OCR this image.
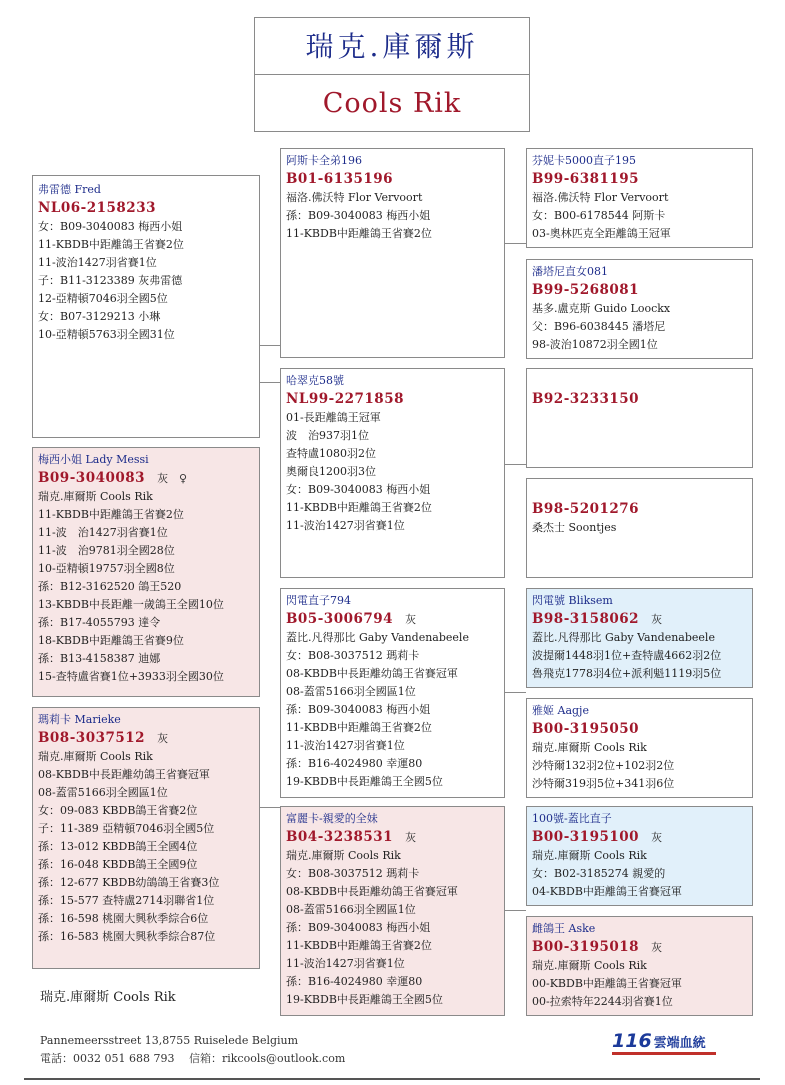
瑞克.庫爾斯
Cools Rik
弗雷德 Fred
NL06-2158233
女：B09-3040083 梅西小姐
11-KBDB中距離鴿王省賽2位
11-波治1427羽省賽1位
子：B11-3123389 灰弗雷德
12-亞精頓7046羽全國5位
女：B07-3129213 小琳
10-亞精頓5763羽全國31位
梅西小姐 Lady Messi
B09-3040083 灰　♀
瑞克.庫爾斯 Cools Rik
11-KBDB中距離鴿王省賽2位
11-波　治1427羽省賽1位
11-波　治9781羽全國28位
10-亞精頓19757羽全國8位
孫：B12-3162520 鴿王520
13-KBDB中長距離一歲鴿王全國10位
孫：B17-4055793 達令
18-KBDB中距離鴿王省賽9位
孫：B13-4158387 迪娜
15-查特盧省賽1位+3933羽全國30位
瑪莉卡 Marieke
B08-3037512 灰
瑞克.庫爾斯 Cools Rik
08-KBDB中長距離幼鴿王省賽冠軍
08-蓋雷5166羽全國區1位
女：09-083 KBDB鴿王省賽2位
子：11-389 亞精頓7046羽全國5位
孫：13-012 KBDB鴿王全國4位
孫：16-048 KBDB鴿王全國9位
孫：12-677 KBDB幼鴿鴿王省賽3位
孫：15-577 查特盧2714羽聯省1位
孫：16-598 桃園大興秋季綜合6位
孫：16-583 桃園大興秋季綜合87位
阿斯卡全弟196
B01-6135196
福洛.佛沃特 Flor Vervoort
孫：B09-3040083 梅西小姐
11-KBDB中距離鴿王省賽2位
哈翠克58號
NL99-2271858
01-長距離鴿王冠軍
波　治937羽1位
查特盧1080羽2位
奧爾良1200羽3位
女：B09-3040083 梅西小姐
11-KBDB中距離鴿王省賽2位
11-波治1427羽省賽1位
閃電直子794
B05-3006794 灰
蓋比.凡得那比 Gaby Vandenabeele
女：B08-3037512 瑪莉卡
08-KBDB中長距離幼鴿王省賽冠軍
08-蓋雷5166羽全國區1位
孫：B09-3040083 梅西小姐
11-KBDB中距離鴿王省賽2位
11-波治1427羽省賽1位
孫：B16-4024980 幸運80
19-KBDB中長距離鴿王全國5位
富麗卡-親愛的全妹
B04-3238531 灰
瑞克.庫爾斯 Cools Rik
女：B08-3037512 瑪莉卡
08-KBDB中長距離幼鴿王省賽冠軍
08-蓋雷5166羽全國區1位
孫：B09-3040083 梅西小姐
11-KBDB中距離鴿王省賽2位
11-波治1427羽省賽1位
孫：B16-4024980 幸運80
19-KBDB中長距離鴿王全國5位
芬妮卡5000直子195
B99-6381195
福洛.佛沃特 Flor Vervoort
女：B00-6178544 阿斯卡
03-奧林匹克全距離鴿王冠軍
潘塔尼直女081
B99-5268081
基多.盧克斯 Guido Loockx
父：B96-6038445 潘塔尼
98-波治10872羽全國1位
B92-3233150
B98-5201276
桑杰士 Soontjes
閃電號 Bliksem
B98-3158062 灰
蓋比.凡得那比 Gaby Vandenabeele
波提爾1448羽1位+查特盧4662羽2位
魯飛克1778羽4位+派利魁1119羽5位
雅姬 Aagje
B00-3195050
瑞克.庫爾斯 Cools Rik
沙特爾132羽2位+102羽2位
沙特爾319羽5位+341羽6位
100號-蓋比直子
B00-3195100 灰
瑞克.庫爾斯 Cools Rik
女：B02-3185274 親愛的
04-KBDB中距離鴿王省賽冠軍
雌鴿王 Aske
B00-3195018 灰
瑞克.庫爾斯 Cools Rik
00-KBDB中距離鴿王省賽冠軍
00-拉索特年2244羽省賽1位
瑞克.庫爾斯 Cools Rik
Pannemeersstreet 13,8755 Ruiselede Belgium
電話：0032 051 688 793　 信箱：rikcools@outlook.com
116 雲端血統
